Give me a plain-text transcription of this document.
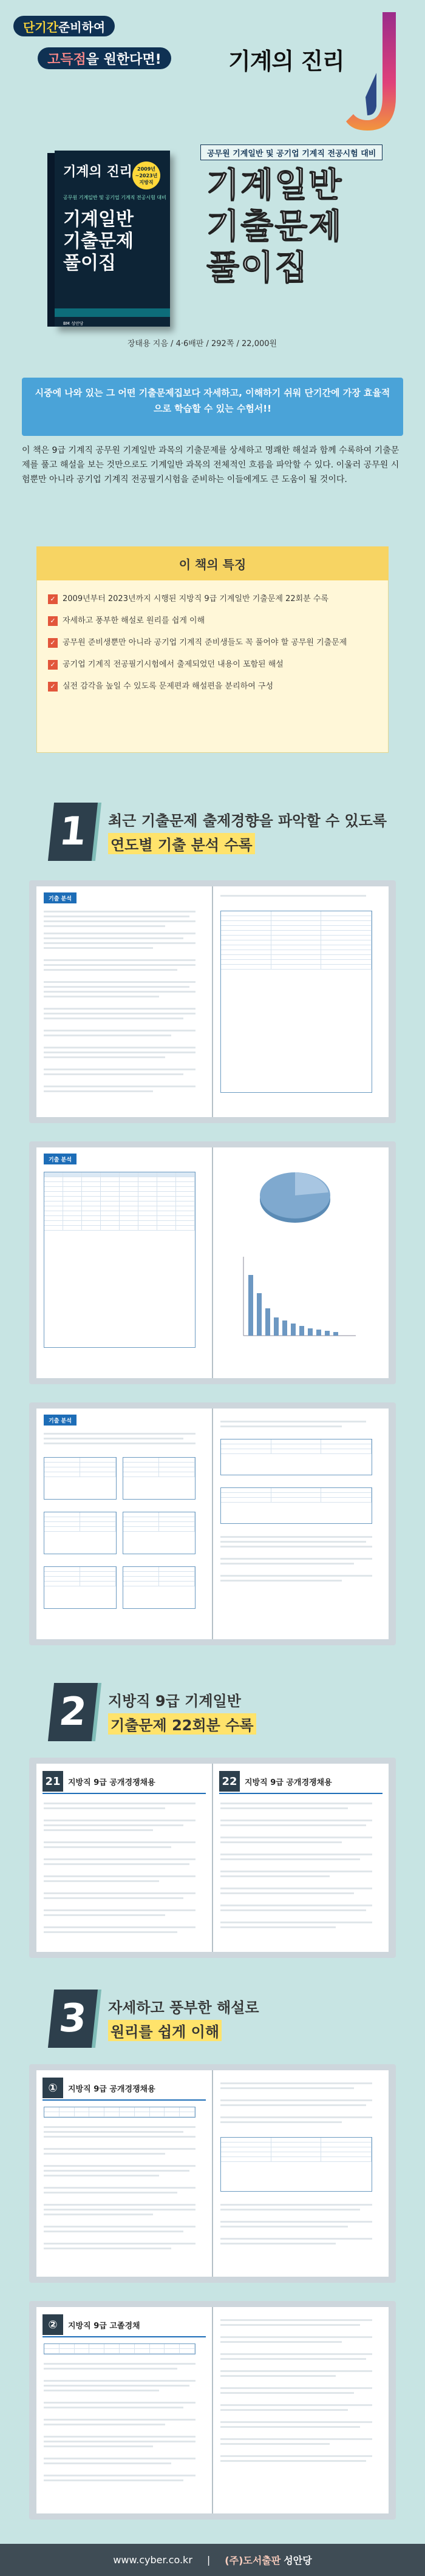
단기간 준비하여
고득점 을 원한다면!	기계의 진리
기계의 진리	2009년~2023년 지방직
공무원 기계일반 및 공기업 기계직 전공시험 대비
기계일반
기출문제
풀이집
BM 성안당
공무원 기계일반 및 공기업 기계직 전공시험 대비
기계일반
기출문제
풀이집
장태용 지음 / 4·6배판 / 292쪽 / 22,000원
시중에 나와 있는 그 어떤 기출문제집보다 자세하고, 이해하기 쉬워 단기간에 가장 효율적으로 학습할 수 있는 수험서!!
이 책은 9급 기계직 공무원 기계일반 과목의 기출문제를 상세하고 명쾌한 해설과 함께 수록하여 기출문제를 풀고 해설을 보는 것만으로도 기계일반 과목의 전체적인 흐름을 파악할 수 있다. 이울러 공무원 시험뿐만 아니라 공기업 기계직 전공필기시험을 준비하는 이들에게도 큰 도움이 될 것이다.
이 책의 특징
✓ 2009년부터 2023년까지 시행된 지방직 9급 기계일반 기출문제 22회분 수록
✓ 자세하고 풍부한 해설로 원리를 쉽게 이해
✓ 공무원 준비생뿐만 아니라 공기업 기계직 준비생들도 꼭 풀어야 할 공무원 기출문제
✓ 공기업 기계직 전공필기시험에서 출제되었던 내용이 포함된 해설
✓ 실전 감각을 높일 수 있도록 문제편과 해설편을 분리하여 구성
1	최근 기출문제 출제경향을 파악할 수 있도록
연도별 기출 분석 수록
기출 분석
기출 분석
기출 분석
2	지방직 9급 기계일반
기출문제 22회분 수록
21 지방직 9급 공개경쟁채용	22 지방직 9급 공개경쟁채용
3	자세하고 풍부한 해설로
원리를 쉽게 이해
①	지방직 9급 공개경쟁채용
②	지방직 9급 고졸경채
www.cyber.co.kr | (주)도서출판 성안당
